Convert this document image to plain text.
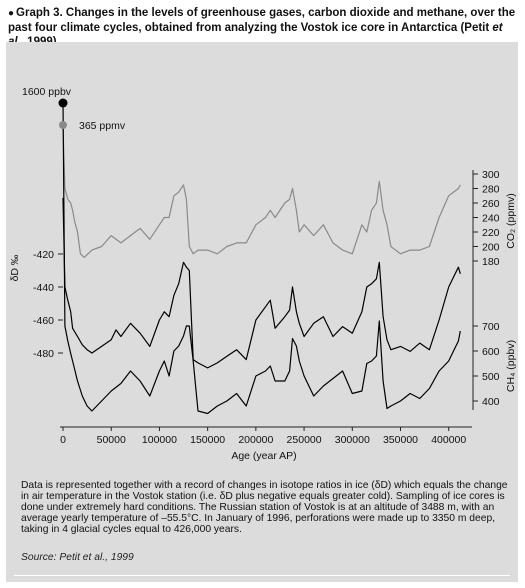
● Graph 3. Changes in the levels of greenhouse gases, carbon dioxide and methane, over the past four climate cycles, obtained from analyzing the Vostok ice core in Antarctica (Petit et
0	50000 100000 150000 200000 250000 300000 350000 400000
Age (year AP)
-420
-440
-460
-480
δD ‰
300
280
260
240
220
200
180
700
600
500
400
CO₂ (ppmv)
CH₄ (ppbv)
1600 ppbv
365 ppmv
Data is represented together with a record of changes in isotope ratios in ice (δD) which equals the change in air temperature in the Vostok station (i.e. δD plus negative equals greater cold). Sampling of ice cores is done under extremely hard conditions. The Russian station of Vostok is at an altitude of 3488 m, with an average yearly temperature of –55.5°C. In January of 1996, perforations were made up to 3350 m deep, taking in 4 glacial cycles equal to 426,000 years.
Source: Petit et al., 1999
